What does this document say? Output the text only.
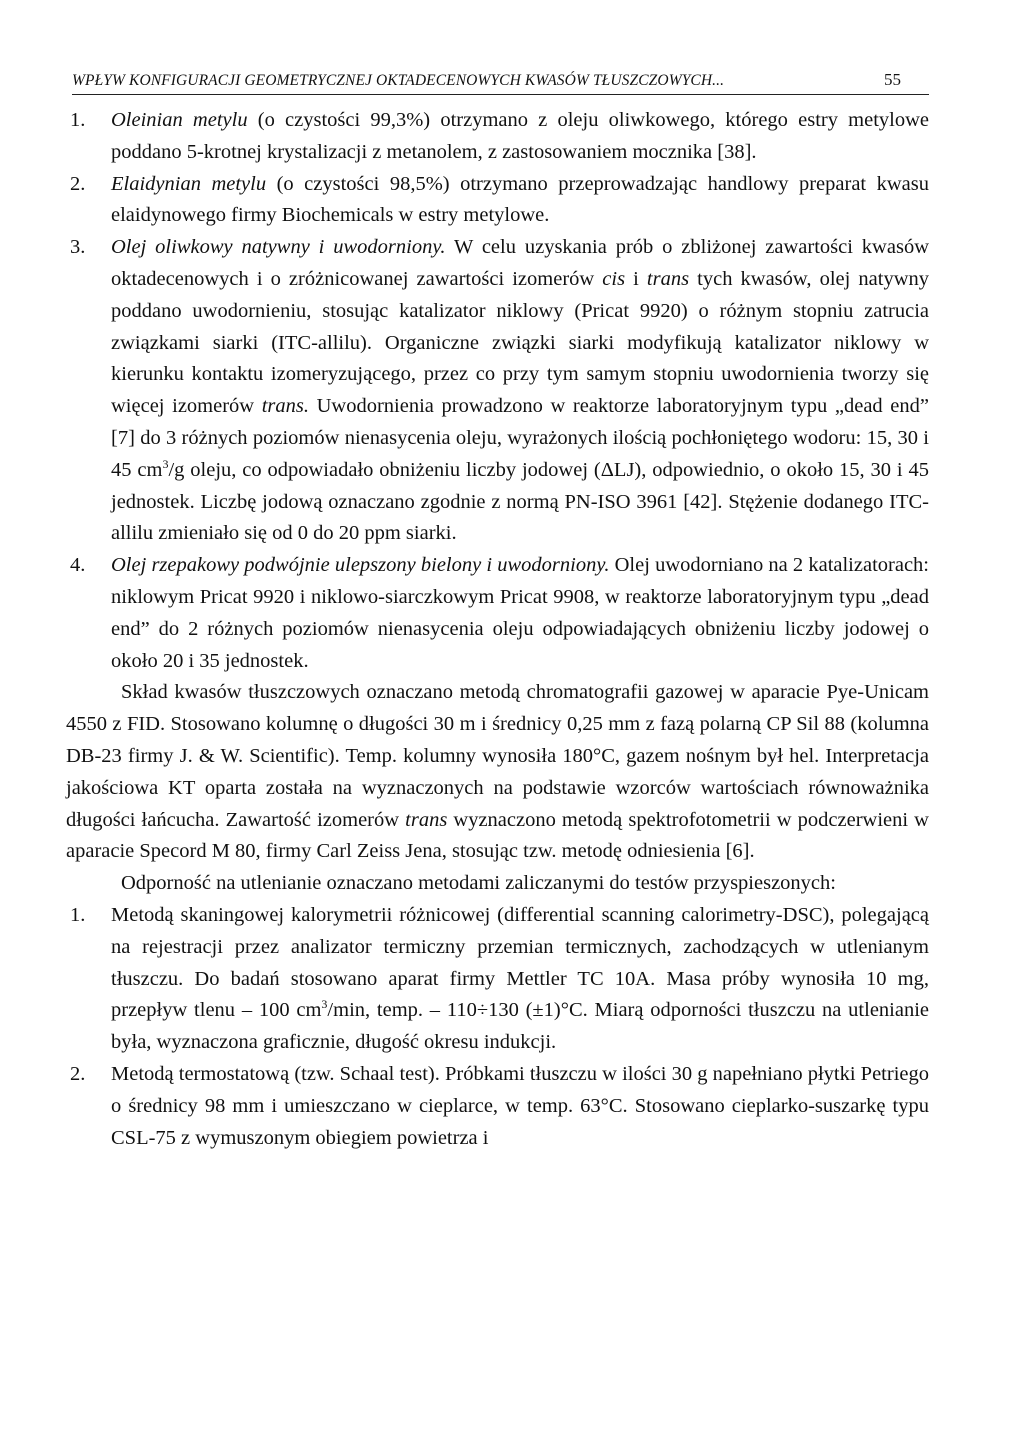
WPŁYW KONFIGURACJI GEOMETRYCZNEJ OKTADECENOWYCH KWASÓW TŁUSZCZOWYCH...	55
1. Oleinian metylu (o czystości 99,3%) otrzymano z oleju oliwkowego, którego estry metylowe poddano 5-krotnej krystalizacji z metanolem, z zastosowaniem mocznika [38].
2. Elaidynian metylu (o czystości 98,5%) otrzymano przeprowadzając handlowy preparat kwasu elaidynowego firmy Biochemicals w estry metylowe.
3. Olej oliwkowy natywny i uwodorniony. W celu uzyskania prób o zbliżonej zawartości kwasów oktadecenowych i o zróżnicowanej zawartości izomerów cis i trans tych kwasów, olej natywny poddano uwodornieniu, stosując katalizator niklowy (Pricat 9920) o różnym stopniu zatrucia związkami siarki (ITC-allilu). Organiczne związki siarki modyfikują katalizator niklowy w kierunku kontaktu izomeryzującego, przez co przy tym samym stopniu uwodornienia tworzy się więcej izomerów trans. Uwodornienia prowadzono w reaktorze laboratoryjnym typu „dead end” [7] do 3 różnych poziomów nienasycenia oleju, wyrażonych ilością pochłoniętego wodoru: 15, 30 i 45 $cm^3/g$ oleju, co odpowiadało obniżeniu liczby jodowej (ΔLJ), odpowiednio, o około 15, 30 i 45 jednostek. Liczbę jodową oznaczano zgodnie z normą PN-ISO 3961 [42]. Stężenie dodanego ITC-allilu zmieniało się od 0 do 20 ppm siarki.
4. Olej rzepakowy podwójnie ulepszony bielony i uwodorniony. Olej uwodorniano na 2 katalizatorach: niklowym Pricat 9920 i niklowo-siarczkowym Pricat 9908, w reaktorze laboratoryjnym typu „dead end” do 2 różnych poziomów nienasycenia oleju odpowiadających obniżeniu liczby jodowej o około 20 i 35 jednostek.

Skład kwasów tłuszczowych oznaczano metodą chromatografii gazowej w aparacie Pye-Unicam 4550 z FID. Stosowano kolumnę o długości 30 m i średnicy 0,25 mm z fazą polarną CP Sil 88 (kolumna DB-23 firmy J. & W. Scientific). Temp. kolumny wynosiła 180°C, gazem nośnym był hel. Interpretacja jakościowa KT oparta została na wyznaczonych na podstawie wzorców wartościach równoważnika długości łańcucha. Zawartość izomerów trans wyznaczono metodą spektrofotometrii w podczerwieni w aparacie Specord M 80, firmy Carl Zeiss Jena, stosując tzw. metodę odniesienia [6].

Odporność na utlenianie oznaczano metodami zaliczanymi do testów przyspieszonych:

1. Metodą skaningowej kalorymetrii różnicowej (differential scanning calorimetry-DSC), polegającą na rejestracji przez analizator termiczny przemian termicznych, zachodzących w utlenianym tłuszczu. Do badań stosowano aparat firmy Mettler TC 10A. Masa próby wynosiła 10 mg, przepływ tlenu – 100 $cm^3/\min$, temp. – 110÷130 (±1)°C. Miarą odporności tłuszczu na utlenianie była, wyznaczona graficznie, długość okresu indukcji.
2. Metodą termostatową (tzw. Schaal test). Próbkami tłuszczu w ilości 30 g napełniano płytki Petriego o średnicy 98 mm i umieszczano w cieplarce, w temp. 63°C. Stosowano cieplarko-suszarkę typu CSL-75 z wymuszonym obiegiem powietrza i
